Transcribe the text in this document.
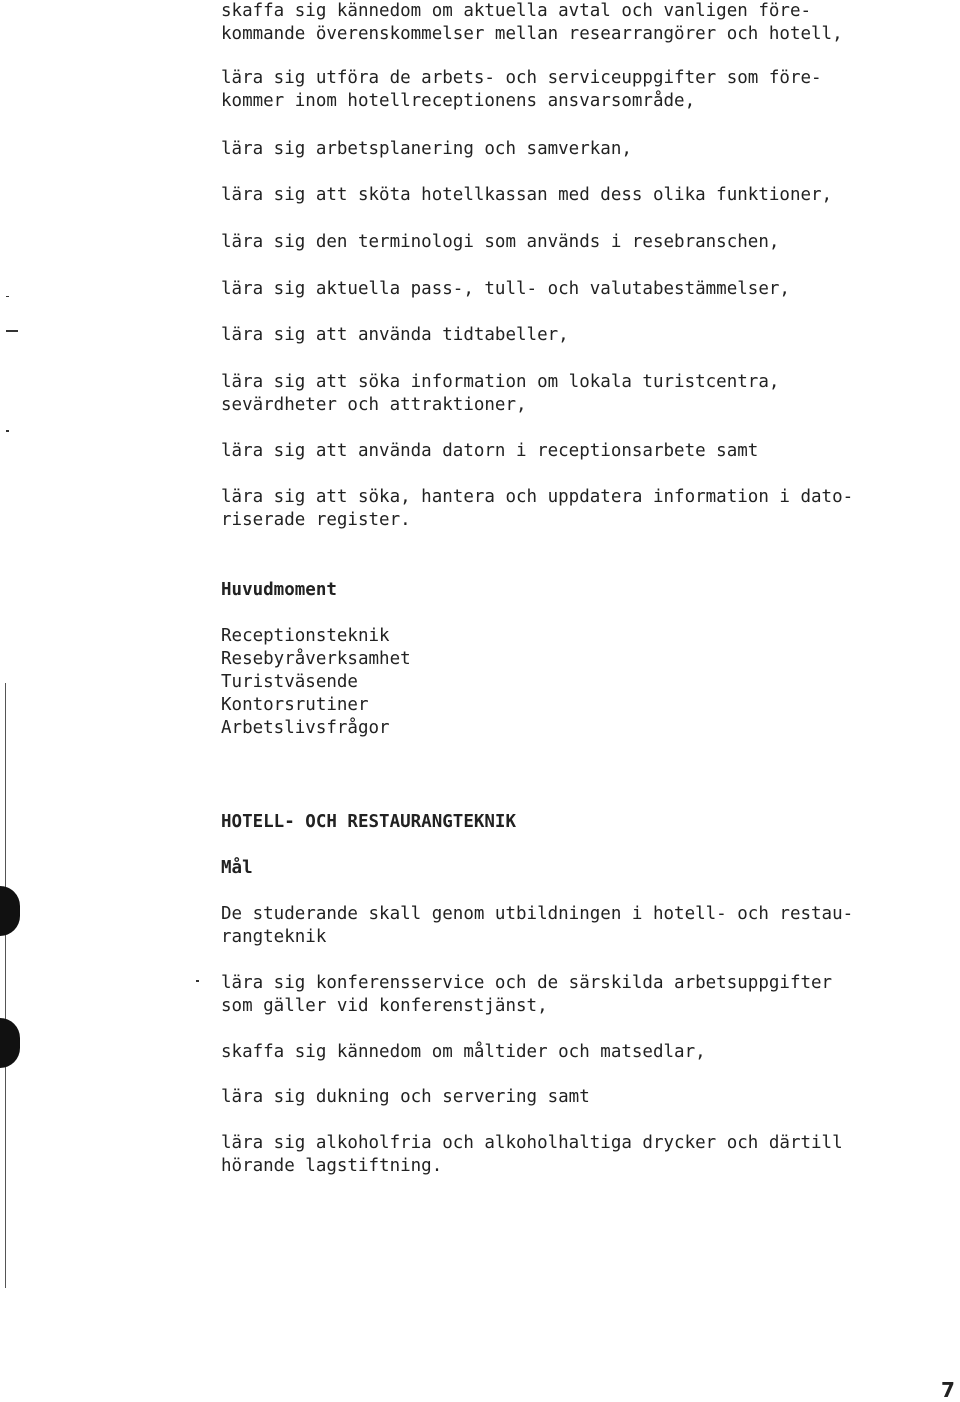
skaffa sig kännedom om aktuella avtal och vanligen före-
kommande överenskommelser mellan researrangörer och hotell,

lära sig utföra de arbets- och serviceuppgifter som före-
kommer inom hotellreceptionens ansvarsområde,

lära sig arbetsplanering och samverkan,

lära sig att sköta hotellkassan med dess olika funktioner,

lära sig den terminologi som används i resebranschen,

lära sig aktuella pass-, tull- och valutabestämmelser,

lära sig att använda tidtabeller,

lära sig att söka information om lokala turistcentra,
sevärdheter och attraktioner,

lära sig att använda datorn i receptionsarbete samt

lära sig att söka, hantera och uppdatera information i dato-
riserade register.

Huvudmoment

Receptionsteknik
Resebyråverksamhet
Turistväsende
Kontorsrutiner
Arbetslivsfrågor

HOTELL- OCH RESTAURANGTEKNIK

Mål

De studerande skall genom utbildningen i hotell- och restau-
rangteknik

lära sig konferensservice och de särskilda arbetsuppgifter
som gäller vid konferenstjänst,

skaffa sig kännedom om måltider och matsedlar,

lära sig dukning och servering samt

lära sig alkoholfria och alkoholhaltiga drycker och därtill
hörande lagstiftning.

7
